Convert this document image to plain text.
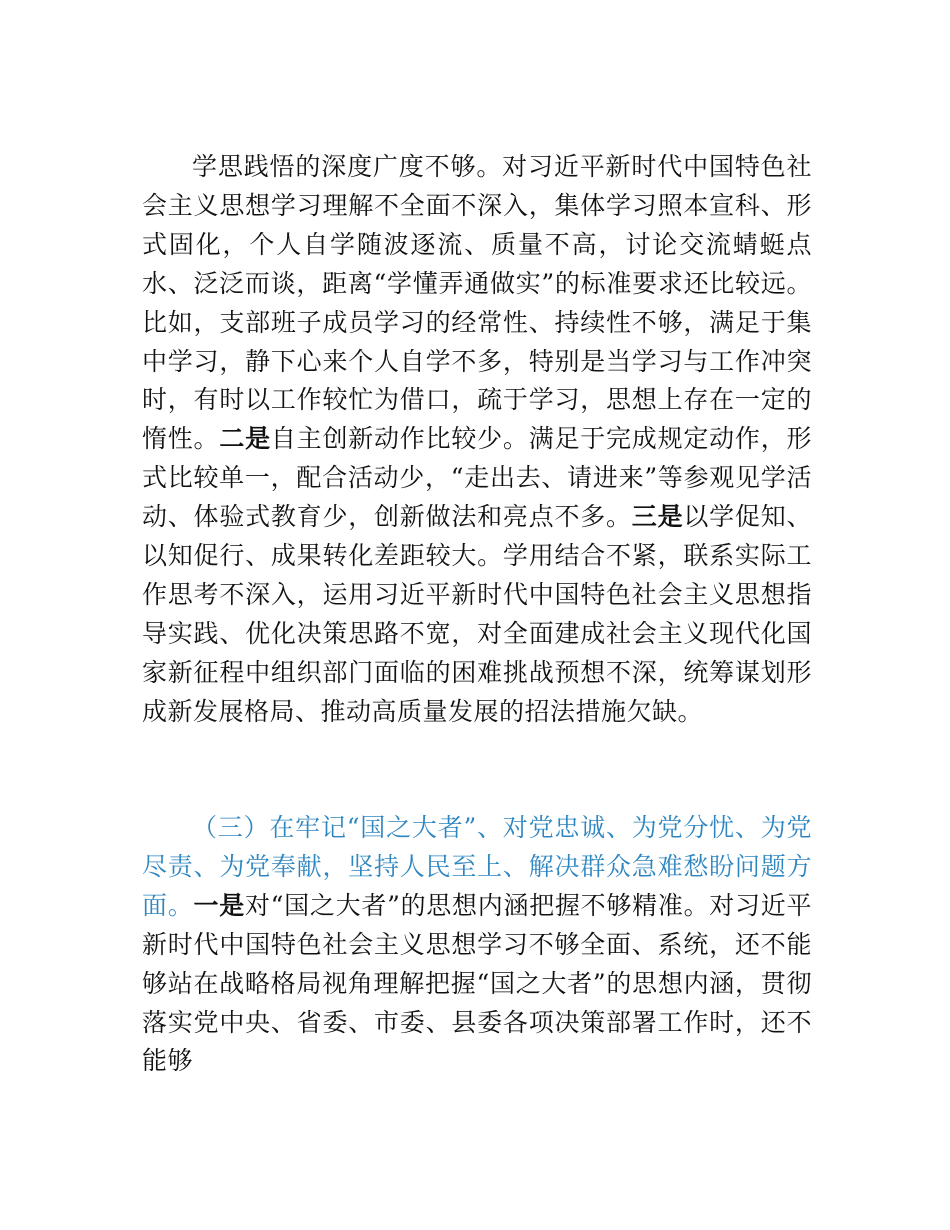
学思践悟的深度广度不够。对习近平新时代中国特色社会主义思想学习理解不全面不深入，集体学习照本宣科、形式固化，个人自学随波逐流、质量不高，讨论交流蜻蜓点水、泛泛而谈，距离“学懂弄通做实”的标准要求还比较远。比如，支部班子成员学习的经常性、持续性不够，满足于集中学习，静下心来个人自学不多，特别是当学习与工作冲突时，有时以工作较忙为借口，疏于学习，思想上存在一定的惰性。二是自主创新动作比较少。满足于完成规定动作，形式比较单一，配合活动少，“走出去、请进来”等参观见学活动、体验式教育少，创新做法和亮点不多。三是以学促知、以知促行、成果转化差距较大。学用结合不紧，联系实际工作思考不深入，运用习近平新时代中国特色社会主义思想指导实践、优化决策思路不宽，对全面建成社会主义现代化国家新征程中组织部门面临的困难挑战预想不深，统筹谋划形成新发展格局、推动高质量发展的招法措施欠缺。

（三）在牢记“国之大者”、对党忠诚、为党分忧、为党尽责、为党奉献，坚持人民至上、解决群众急难愁盼问题方面。一是对“国之大者”的思想内涵把握不够精准。对习近平新时代中国特色社会主义思想学习不够全面、系统，还不能够站在战略格局视角理解把握“国之大者”的思想内涵，贯彻落实党中央、省委、市委、县委各项决策部署工作时，还不能够
